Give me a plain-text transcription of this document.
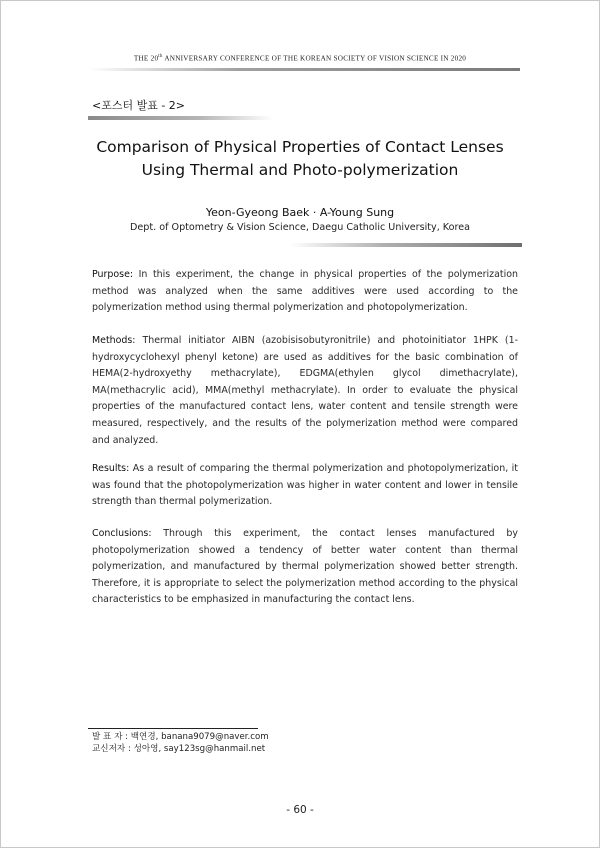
THE 20th ANNIVERSARY CONFERENCE OF THE KOREAN SOCIETY OF VISION SCIENCE IN 2020
<포스터 발표 - 2>
Comparison of Physical Properties of Contact Lenses
Using Thermal and Photo-polymerization
Yeon-Gyeong Baek · A-Young Sung
Dept. of Optometry & Vision Science, Daegu Catholic University, Korea

Purpose: In this experiment, the change in physical properties of the polymerization method was analyzed when the same additives were used according to the polymerization method using thermal polymerization and photopolymerization.

Methods: Thermal initiator AIBN (azobisisobutyronitrile) and photoinitiator 1HPK (1-hydroxycyclohexyl phenyl ketone) are used as additives for the basic combination of HEMA(2-hydroxyethy methacrylate), EDGMA(ethylen glycol dimethacrylate), MA(methacrylic acid), MMA(methyl methacrylate). In order to evaluate the physical properties of the manufactured contact lens, water content and tensile strength were measured, respectively, and the results of the polymerization method were compared and analyzed.

Results: As a result of comparing the thermal polymerization and photopolymerization, it was found that the photopolymerization was higher in water content and lower in tensile strength than thermal polymerization.

Conclusions: Through this experiment, the contact lenses manufactured by photopolymerization showed a tendency of better water content than thermal polymerization, and manufactured by thermal polymerization showed better strength. Therefore, it is appropriate to select the polymerization method according to the physical characteristics to be emphasized in manufacturing the contact lens.

발 표 자 : 백연경, banana9079@naver.com
교신저자 : 성아영, say123sg@hanmail.net
- 60 -
